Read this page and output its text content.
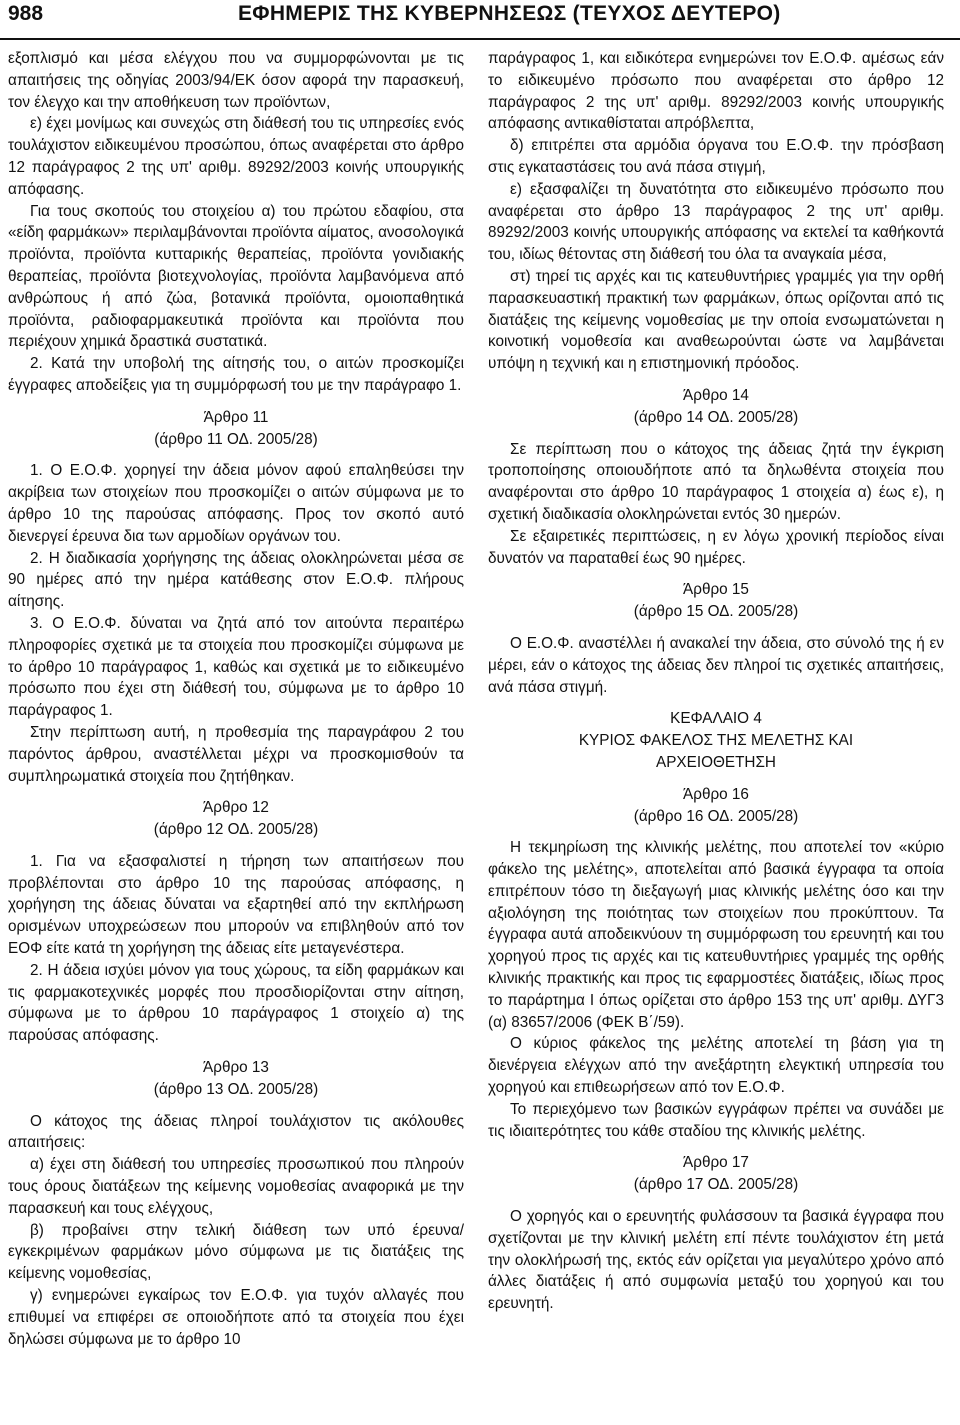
988	ΕΦΗΜΕΡΙΣ ΤΗΣ ΚΥΒΕΡΝΗΣΕΩΣ (ΤΕΥΧΟΣ ΔΕΥΤΕΡΟ)

εξοπλισμό και μέσα ελέγχου που να συμμορφώνονται με τις απαιτήσεις της οδηγίας 2003/94/ΕΚ όσον αφορά την παρασκευή, τον έλεγχο και την αποθήκευση των προϊόντων,

ε) έχει μονίμως και συνεχώς στη διάθεσή του τις υπηρεσίες ενός τουλάχιστον ειδικευμένου προσώπου, όπως αναφέρεται στο άρθρο 12 παράγραφος 2 της υπ' αριθμ. 89292/2003 κοινής υπουργικής απόφασης.

Για τους σκοπούς του στοιχείου α) του πρώτου εδαφίου, στα «είδη φαρμάκων» περιλαμβάνονται προϊόντα αίματος, ανοσολογικά προϊόντα, προϊόντα κυτταρικής θεραπείας, προϊόντα γονιδιακής θεραπείας, προϊόντα βιοτεχνολογίας, προϊόντα λαμβανόμενα από ανθρώπους ή από ζώα, βοτανικά προϊόντα, ομοιοπαθητικά προϊόντα, ραδιοφαρμακευτικά προϊόντα και προϊόντα που περιέχουν χημικά δραστικά συστατικά.

2. Κατά την υποβολή της αίτησής του, ο αιτών προσκομίζει έγγραφες αποδείξεις για τη συμμόρφωσή του με την παράγραφο 1.

Άρθρο 11

(άρθρο 11 ΟΔ. 2005/28)

1. Ο Ε.Ο.Φ. χορηγεί την άδεια μόνον αφού επαληθεύσει την ακρίβεια των στοιχείων που προσκομίζει ο αιτών σύμφωνα με το άρθρο 10 της παρούσας απόφασης. Προς τον σκοπό αυτό διενεργεί έρευνα δια των αρμοδίων οργάνων του.

2. Η διαδικασία χορήγησης της άδειας ολοκληρώνεται μέσα σε 90 ημέρες από την ημέρα κατάθεσης στον Ε.Ο.Φ. πλήρους αίτησης.

3. Ο Ε.Ο.Φ. δύναται να ζητά από τον αιτούντα περαιτέρω πληροφορίες σχετικά με τα στοιχεία που προσκομίζει σύμφωνα με το άρθρο 10 παράγραφος 1, καθώς και σχετικά με το ειδικευμένο πρόσωπο που έχει στη διάθεσή του, σύμφωνα με το άρθρο 10 παράγραφος 1.

Στην περίπτωση αυτή, η προθεσμία της παραγράφου 2 του παρόντος άρθρου, αναστέλλεται μέχρι να προσκομισθούν τα συμπληρωματικά στοιχεία που ζητήθηκαν.

Άρθρο 12

(άρθρο 12 ΟΔ. 2005/28)

1. Για να εξασφαλιστεί η τήρηση των απαιτήσεων που προβλέπονται στο άρθρο 10 της παρούσας απόφασης, η χορήγηση της άδειας δύναται να εξαρτηθεί από την εκπλήρωση ορισμένων υποχρεώσεων που μπορούν να επιβληθούν από τον ΕΟΦ είτε κατά τη χορήγηση της άδειας είτε μεταγενέστερα.

2. Η άδεια ισχύει μόνον για τους χώρους, τα είδη φαρμάκων και τις φαρμακοτεχνικές μορφές που προσδιορίζονται στην αίτηση, σύμφωνα με το άρθρου 10 παράγραφος 1 στοιχείο α) της παρούσας απόφασης.

Άρθρο 13

(άρθρο 13 ΟΔ. 2005/28)

Ο κάτοχος της άδειας πληροί τουλάχιστον τις ακόλουθες απαιτήσεις:

α) έχει στη διάθεσή του υπηρεσίες προσωπικού που πληρούν τους όρους διατάξεων της κείμενης νομοθεσίας αναφορικά με την παρασκευή και τους ελέγχους,

β) προβαίνει στην τελική διάθεση των υπό έρευνα/ εγκεκριμένων φαρμάκων μόνο σύμφωνα με τις διατάξεις της κείμενης νομοθεσίας,

γ) ενημερώνει εγκαίρως τον Ε.Ο.Φ. για τυχόν αλλαγές που επιθυμεί να επιφέρει σε οποιοδήποτε από τα στοιχεία που έχει δηλώσει σύμφωνα με το άρθρο 10

παράγραφος 1, και ειδικότερα ενημερώνει τον Ε.Ο.Φ. αμέσως εάν το ειδικευμένο πρόσωπο που αναφέρεται στο άρθρο 12 παράγραφος 2 της υπ' αριθμ. 89292/2003 κοινής υπουργικής απόφασης αντικαθίσταται απρόβλεπτα,

δ) επιτρέπει στα αρμόδια όργανα του Ε.Ο.Φ. την πρόσβαση στις εγκαταστάσεις του ανά πάσα στιγμή,

ε) εξασφαλίζει τη δυνατότητα στο ειδικευμένο πρόσωπο που αναφέρεται στο άρθρο 13 παράγραφος 2 της υπ' αριθμ. 89292/2003 κοινής υπουργικής απόφασης να εκτελεί τα καθήκοντά του, ιδίως θέτοντας στη διάθεσή του όλα τα αναγκαία μέσα,

στ) τηρεί τις αρχές και τις κατευθυντήριες γραμμές για την ορθή παρασκευαστική πρακτική των φαρμάκων, όπως ορίζονται από τις διατάξεις της κείμενης νομοθεσίας με την οποία ενσωματώνεται η κοινοτική νομοθεσία και αναθεωρούνται ώστε να λαμβάνεται υπόψη η τεχνική και η επιστημονική πρόοδος.

Άρθρο 14

(άρθρο 14 ΟΔ. 2005/28)

Σε περίπτωση που ο κάτοχος της άδειας ζητά την έγκριση τροποποίησης οποιουδήποτε από τα δηλωθέντα στοιχεία που αναφέρονται στο άρθρο 10 παράγραφος 1 στοιχεία α) έως ε), η σχετική διαδικασία ολοκληρώνεται εντός 30 ημερών.

Σε εξαιρετικές περιπτώσεις, η εν λόγω χρονική περίοδος είναι δυνατόν να παραταθεί έως 90 ημέρες.

Άρθρο 15

(άρθρο 15 ΟΔ. 2005/28)

Ο Ε.Ο.Φ. αναστέλλει ή ανακαλεί την άδεια, στο σύνολό της ή εν μέρει, εάν ο κάτοχος της άδειας δεν πληροί τις σχετικές απαιτήσεις, ανά πάσα στιγμή.

ΚΕΦΑΛΑΙΟ 4

ΚΥΡΙΟΣ ΦΑΚΕΛΟΣ ΤΗΣ ΜΕΛΕΤΗΣ ΚΑΙ

ΑΡΧΕΙΟΘΕΤΗΣΗ

Άρθρο 16

(άρθρο 16 ΟΔ. 2005/28)

Η τεκμηρίωση της κλινικής μελέτης, που αποτελεί τον «κύριο φάκελο της μελέτης», αποτελείται από βασικά έγγραφα τα οποία επιτρέπουν τόσο τη διεξαγωγή μιας κλινικής μελέτης όσο και την αξιολόγηση της ποιότητας των στοιχείων που προκύπτουν. Τα έγγραφα αυτά αποδεικνύουν τη συμμόρφωση του ερευνητή και του χορηγού προς τις αρχές και τις κατευθυντήριες γραμμές της ορθής κλινικής πρακτικής και προς τις εφαρμοστέες διατάξεις, ιδίως προς το παράρτημα Ι όπως ορίζεται στο άρθρο 153 της υπ' αριθμ. ΔΥΓ3 (α) 83657/2006 (ΦΕΚ Β΄/59).

Ο κύριος φάκελος της μελέτης αποτελεί τη βάση για τη διενέργεια ελέγχων από την ανεξάρτητη ελεγκτική υπηρεσία του χορηγού και επιθεωρήσεων από τον Ε.Ο.Φ.

Το περιεχόμενο των βασικών εγγράφων πρέπει να συνάδει με τις ιδιαιτερότητες του κάθε σταδίου της κλινικής μελέτης.

Άρθρο 17

(άρθρο 17 ΟΔ. 2005/28)

Ο χορηγός και ο ερευνητής φυλάσσουν τα βασικά έγγραφα που σχετίζονται με την κλινική μελέτη επί πέντε τουλάχιστον έτη μετά την ολοκλήρωσή της, εκτός εάν ορίζεται για μεγαλύτερο χρόνο από άλλες διατάξεις ή από συμφωνία μεταξύ του χορηγού και του ερευνητή.
